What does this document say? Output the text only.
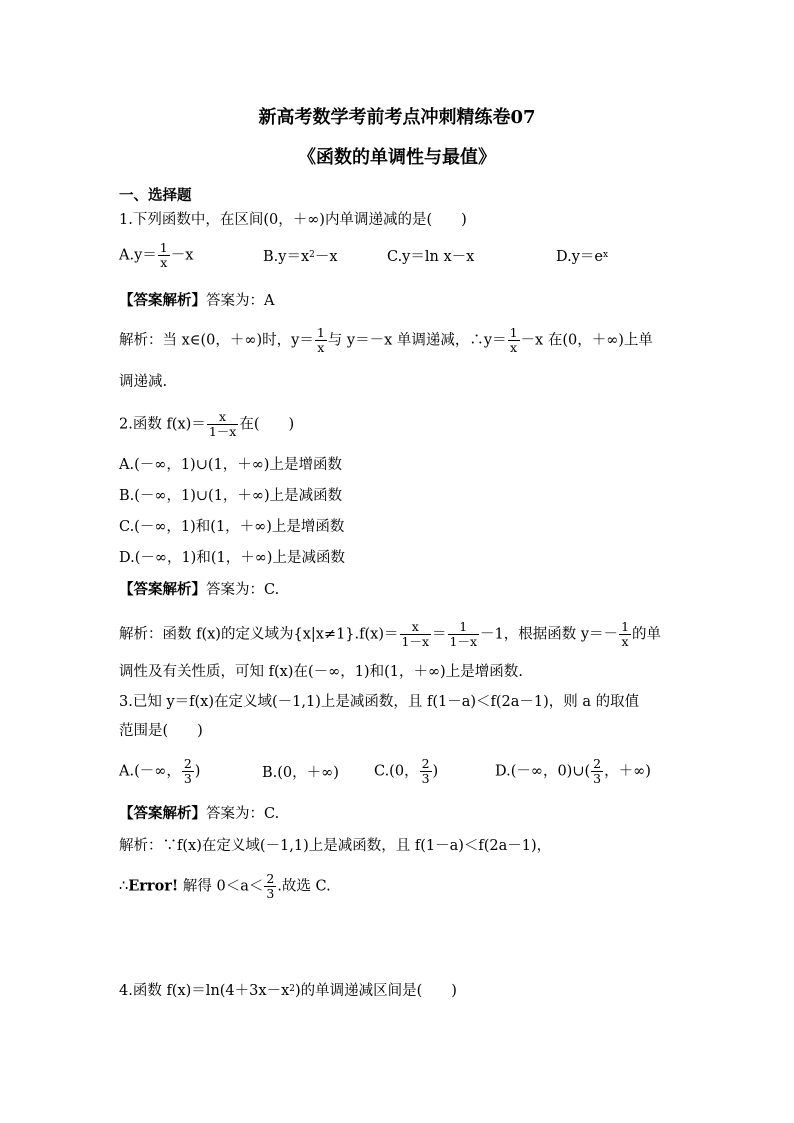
新高考数学考前考点冲刺精练卷07
《函数的单调性与最值》
一、选择题
1.下列函数中，在区间(0，＋∞)内单调递减的是(　　)
$A.y= \frac{1}{x} -x$	$B.y=x^2-x$	C.y＝ln x－x	$D.y=e^x$
【答案解析】答案为：A
解析：当 x∈(0，＋∞)时，$y= \frac{1}{x}$ 与 y＝－x 单调递减，∴y＝ $\frac{1}{x} -x$ 在(0，＋∞)上单
调递减.
2.函数 $f(x)= \frac{x}{1-x}$ 在(　　)
A.(－∞，1)∪(1，＋∞)上是增函数
B.(－∞，1)∪(1，＋∞)上是减函数
C.(－∞，1)和(1，＋∞)上是增函数
D.(－∞，1)和(1，＋∞)上是减函数
【答案解析】答案为：C.
解析：函数 f(x)的定义域为$\{x|x\ne 1\}.f(x)= \frac{x}{1-x} = \frac{1}{1-x} -1$，根据函数 $y=- \frac{1}{x}$ 的单
调性及有关性质，可知 f(x)在(－∞，1)和(1，＋∞)上是增函数.
3.已知 y＝f(x)在定义域(－1,1)上是减函数，且 f(1－a)＜f(2a－1)，则 a 的取值
范围是(　　)
A.(－∞， $\frac{2}{3}$ )	B.(0，＋∞) C.(0， $\frac{2}{3}$ )	D.(－∞，0)∪( $\frac{2}{3}$ ，＋∞)
【答案解析】答案为：C.
解析：∵f(x)在定义域(－1,1)上是减函数，且 f(1－a)＜f(2a－1)，
∴Error! 解得 $0<a< \frac{2}{3}$ .故选 C.
4.函数 $f(x)=\ln(4+3x-x^2)$的单调递减区间是(　　)
